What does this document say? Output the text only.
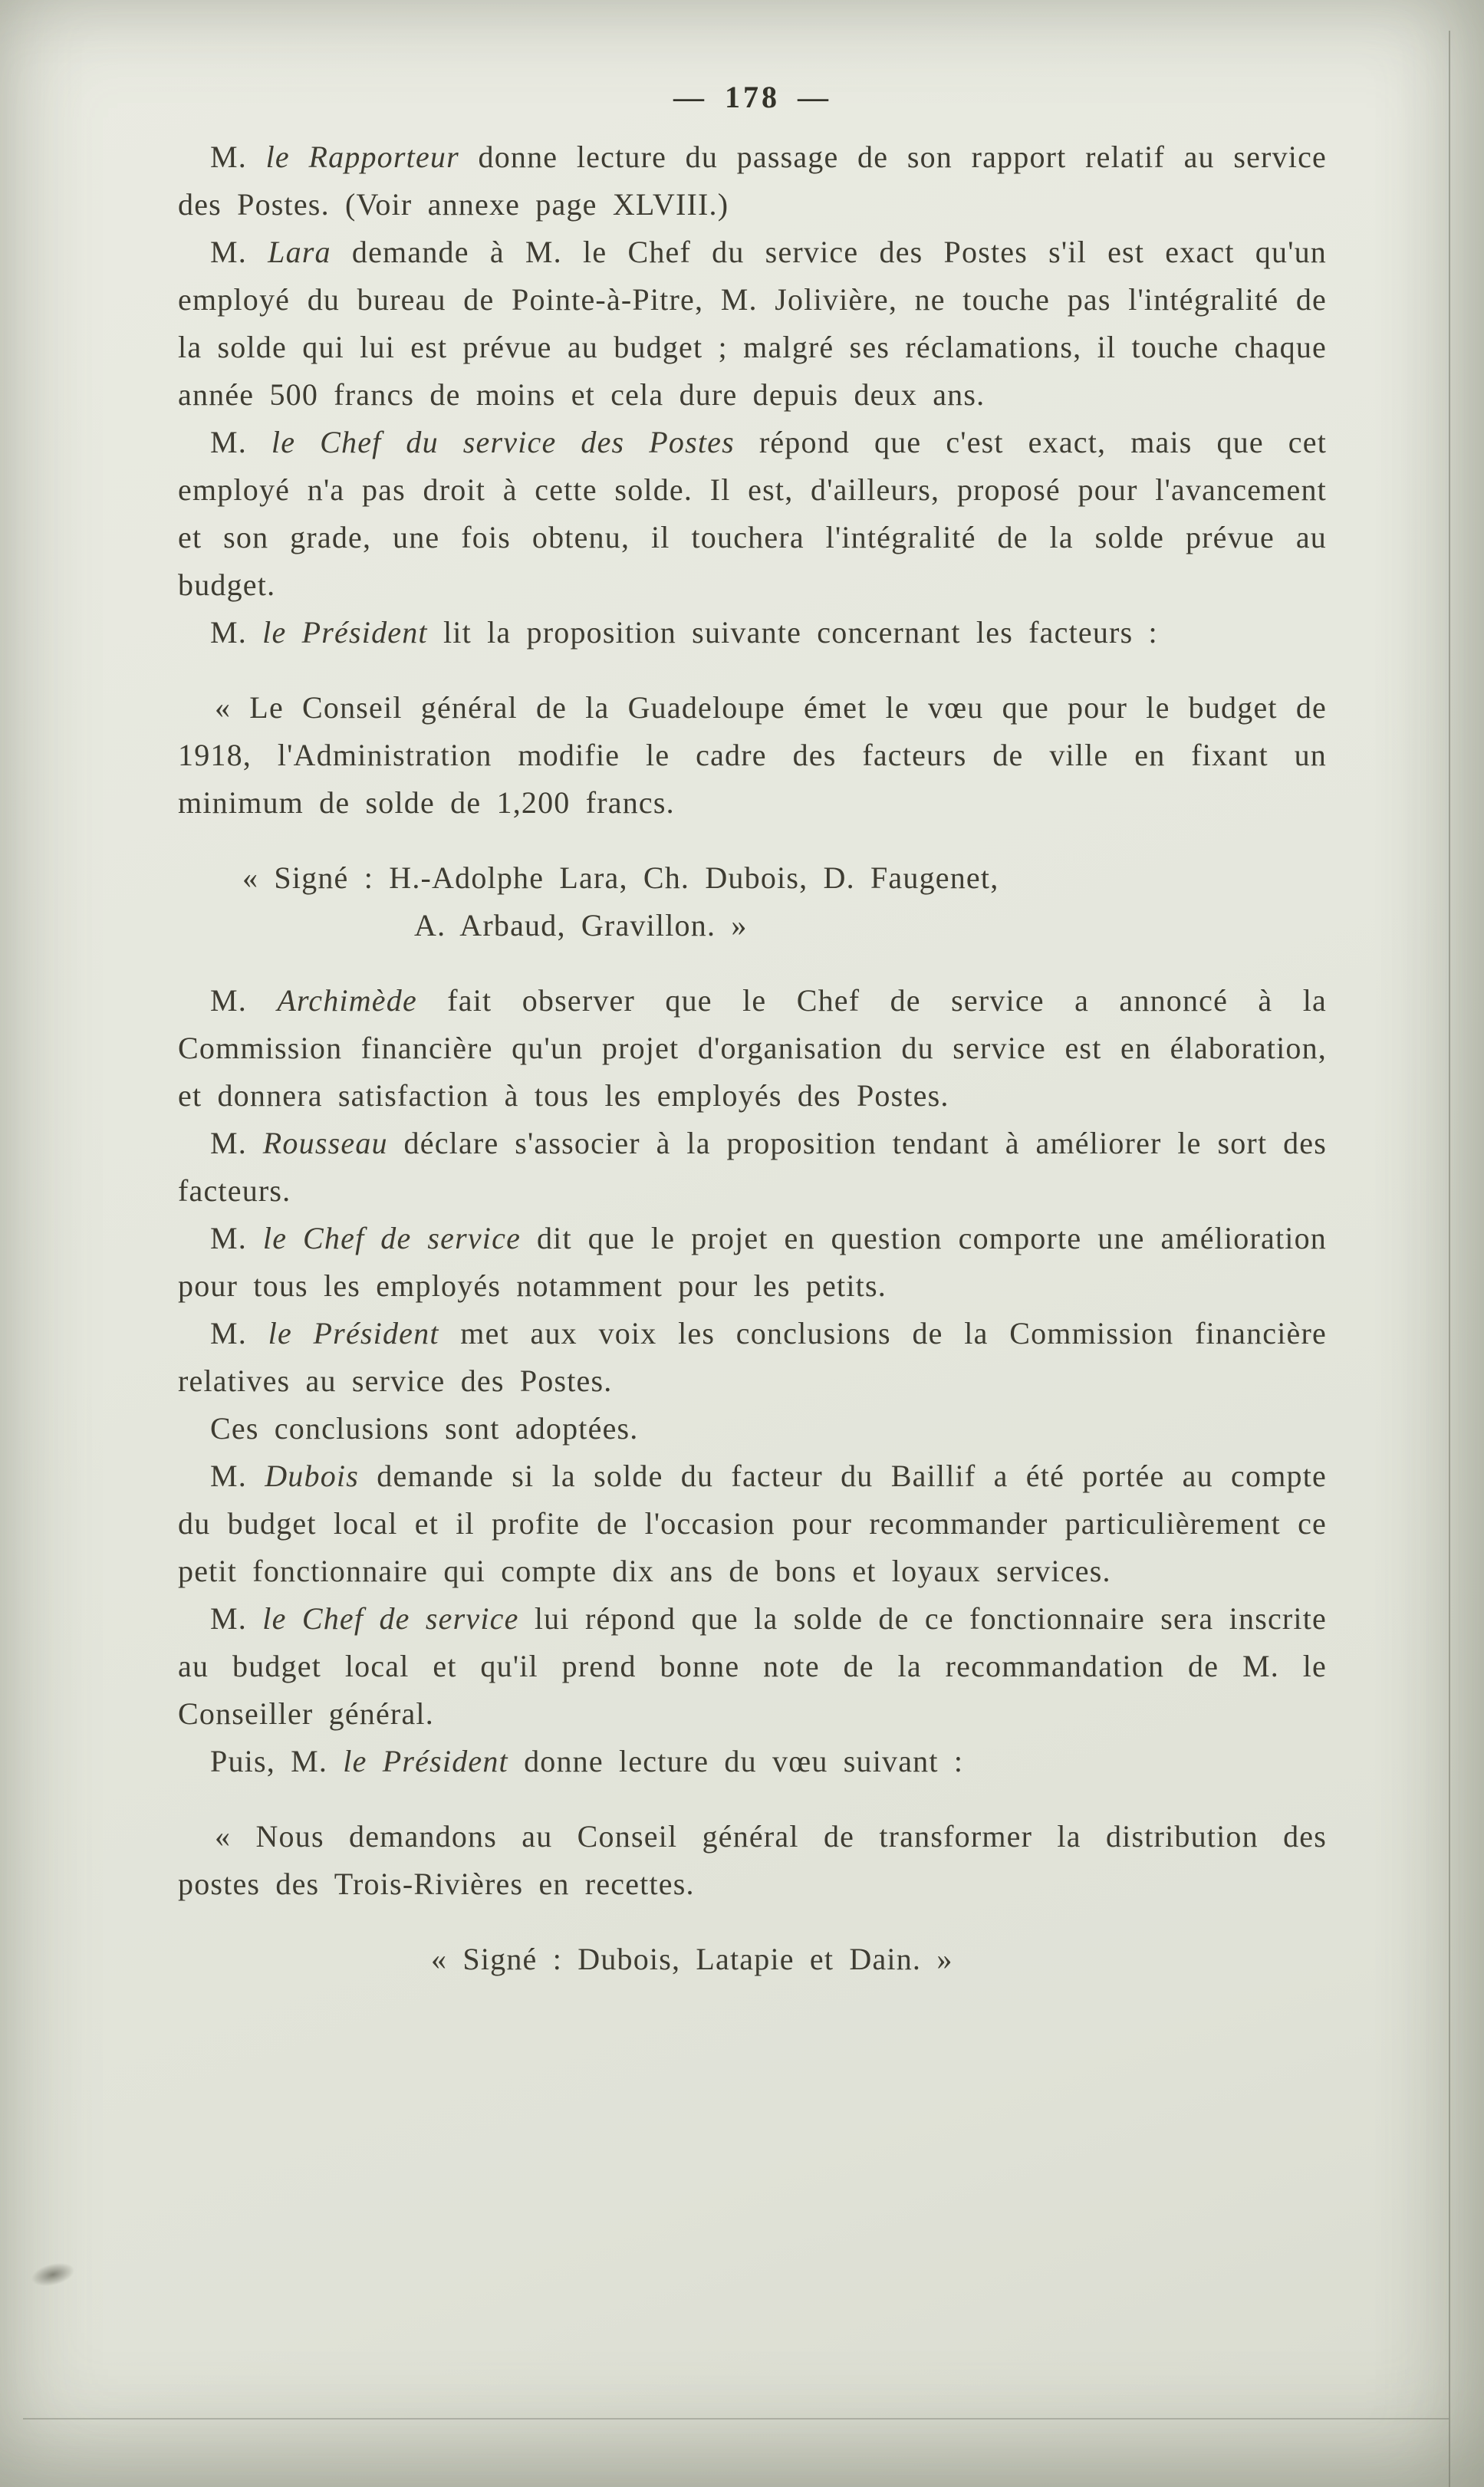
— 178 —

M. le Rapporteur donne lecture du passage de son rapport relatif au service des Postes. (Voir annexe page XLVIII.)

M. Lara demande à M. le Chef du service des Postes s'il est exact qu'un employé du bureau de Pointe-à-Pitre, M. Jolivière, ne touche pas l'intégralité de la solde qui lui est prévue au budget ; malgré ses réclamations, il touche chaque année 500 francs de moins et cela dure depuis deux ans.

M. le Chef du service des Postes répond que c'est exact, mais que cet employé n'a pas droit à cette solde. Il est, d'ailleurs, proposé pour l'avancement et son grade, une fois obtenu, il touchera l'intégralité de la solde prévue au budget.

M. le Président lit la proposition suivante concernant les facteurs :

« Le Conseil général de la Guadeloupe émet le vœu que pour le budget de 1918, l'Administration modifie le cadre des facteurs de ville en fixant un minimum de solde de 1,200 francs.

« Signé : H.-Adolphe Lara, Ch. Dubois, D. Faugenet,

A. Arbaud, Gravillon. »

M. Archimède fait observer que le Chef de service a annoncé à la Commission financière qu'un projet d'organisation du service est en élaboration, et donnera satisfaction à tous les employés des Postes.

M. Rousseau déclare s'associer à la proposition tendant à améliorer le sort des facteurs.

M. le Chef de service dit que le projet en question comporte une amélioration pour tous les employés notamment pour les petits.

M. le Président met aux voix les conclusions de la Commission financière relatives au service des Postes.

Ces conclusions sont adoptées.

M. Dubois demande si la solde du facteur du Baillif a été portée au compte du budget local et il profite de l'occasion pour recommander particulièrement ce petit fonctionnaire qui compte dix ans de bons et loyaux services.

M. le Chef de service lui répond que la solde de ce fonctionnaire sera inscrite au budget local et qu'il prend bonne note de la recommandation de M. le Conseiller général.

Puis, M. le Président donne lecture du vœu suivant :

« Nous demandons au Conseil général de transformer la distribution des postes des Trois-Rivières en recettes.

« Signé : Dubois, Latapie et Dain. »
